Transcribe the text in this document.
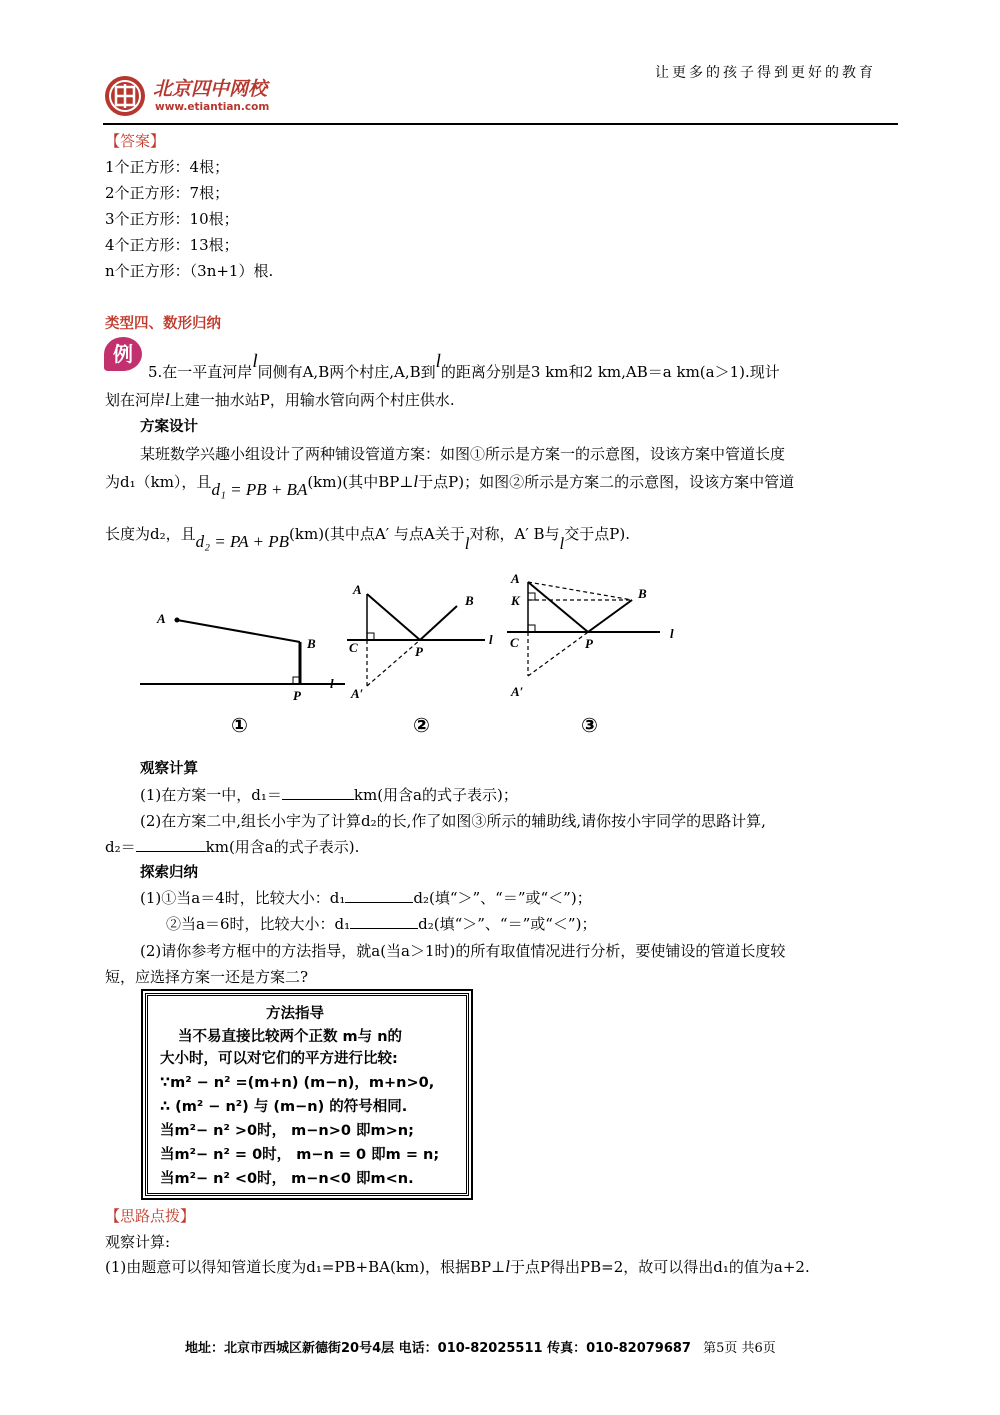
北京四中网校
www.etiantian.com
让更多的孩子得到更好的教育
【答案】
1个正方形：4根；
2个正方形：7根；
3个正方形：10根；
4个正方形：13根；
n个正方形：（3n+1）根.
类型四、数形归纳
例
5.在一平直河岸l同侧有A,B两个村庄,A,B到l的距离分别是3 km和2 km,AB＝a km(a＞1).现计
划在河岸l上建一抽水站P，用输水管向两个村庄供水.
方案设计
某班数学兴趣小组设计了两种铺设管道方案：如图①所示是方案一的示意图，设该方案中管道长度
为d₁（km），且d₁ = PB + BA(km)(其中BP⊥l于点P)；如图②所示是方案二的示意图，设该方案中管道
长度为d₂，且d₂ = PA + PB(km)(其中点A′ 与点A关于l对称，A′ B与l交于点P).
A
B
P
l
A
B
C	P
l
A′
A
K	B
C	P
l
A′
①	②	③
观察计算
(1)在方案一中，d₁＝	km(用含a的式子表示)；
(2)在方案二中,组长小宇为了计算d₂的长,作了如图③所示的辅助线,请你按小宇同学的思路计算,
d₂＝	km(用含a的式子表示).
探索归纳
(1)①当a＝4时，比较大小：d₁	d₂(填“＞”、“＝”或“＜”)；
②当a＝6时，比较大小：d₁	d₂(填“＞”、“＝”或“＜”)；
(2)请你参考方框中的方法指导，就a(当a＞1时)的所有取值情况进行分析，要使铺设的管道长度较
短，应选择方案一还是方案二?
方法指导
当不易直接比较两个正数 m与 n的
大小时，可以对它们的平方进行比较:
∵m² − n² =(m+n) (m−n)，m+n>0,
∴ (m² − n²) 与 (m−n) 的符号相同.
当m²− n² >0时， m−n>0 即m>n;
当m²− n² = 0时， m−n = 0 即m = n;
当m²− n² <0时， m−n<0 即m<n.
【思路点拨】
观察计算:
(1)由题意可以得知管道长度为d₁=PB+BA(km)，根据BP⊥l于点P得出PB=2，故可以得出d₁的值为a+2.
地址：北京市西城区新德街20号4层 电话：010-82025511 传真：010-82079687 第5页 共6页
